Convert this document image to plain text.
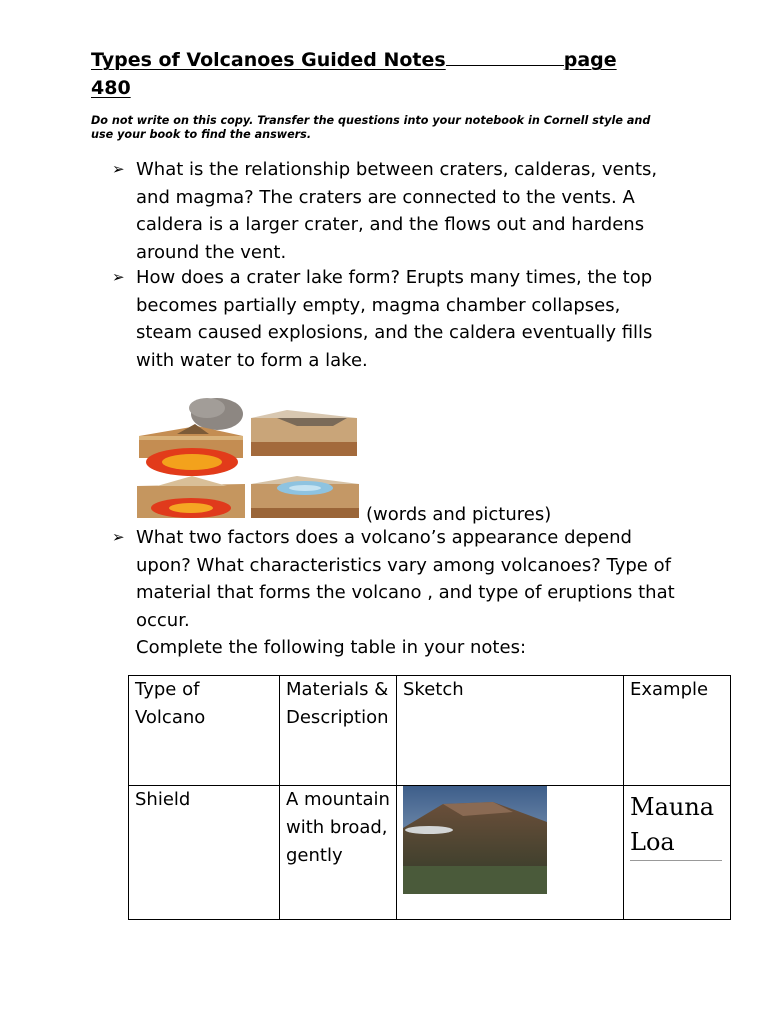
Types of Volcanoes Guided Notes	page
480
Do not write on this copy. Transfer the questions into your notebook in Cornell style and use your book to find the answers.
➢ What is the relationship between craters, calderas, vents, and magma? The craters are connected to the vents. A caldera is a larger crater, and the flows out and hardens around the vent.
➢ How does a crater lake form? Erupts many times, the top becomes partially empty, magma chamber collapses, steam caused explosions, and the caldera eventually fills with water to form a lake.
(words and pictures)
➢ What two factors does a volcano’s appearance depend upon? What characteristics vary among volcanoes? Type of material that forms the volcano , and type of eruptions that occur.
Complete the following table in your notes:
Type of Volcano	Materials & Description	Sketch	Example
Shield	A mountain with broad, gently		Mauna Loa
